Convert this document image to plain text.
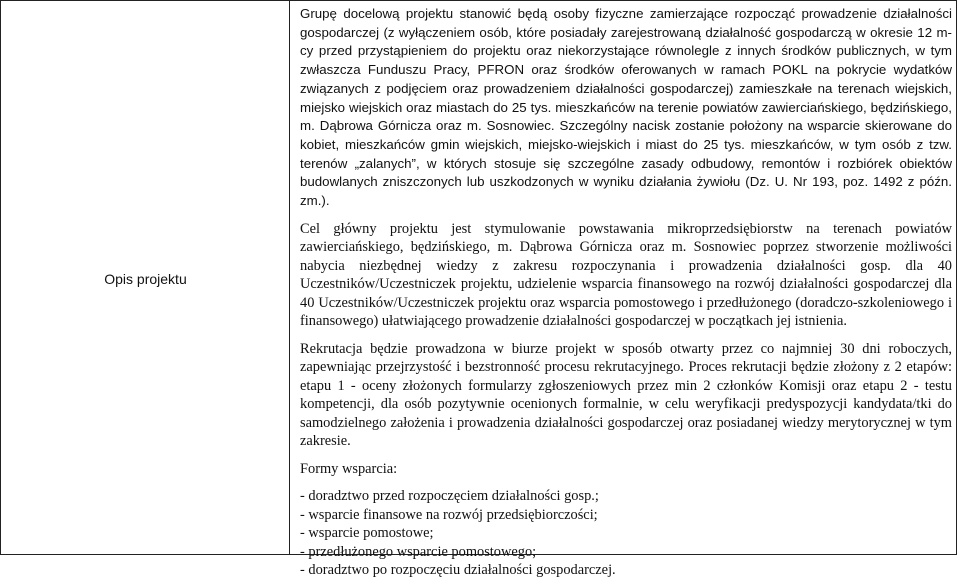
Opis projektu

Grupę docelową projektu stanowić będą osoby fizyczne zamierzające rozpocząć prowadzenie działalności gospodarczej (z wyłączeniem osób, które posiadały zarejestrowaną działalność gospodarczą w okresie 12 m-cy przed przystąpieniem do projektu oraz niekorzystające równolegle z innych środków publicznych, w tym zwłaszcza Funduszu Pracy, PFRON oraz środków oferowanych w ramach POKL na pokrycie wydatków związanych z podjęciem oraz prowadzeniem działalności gospodarczej) zamieszkałe na terenach wiejskich, miejsko wiejskich oraz miastach do 25 tys. mieszkańców na terenie powiatów zawierciańskiego, będzińskiego, m. Dąbrowa Górnicza oraz m. Sosnowiec. Szczególny nacisk zostanie położony na wsparcie skierowane do kobiet, mieszkańców gmin wiejskich, miejsko-wiejskich i miast do 25 tys. mieszkańców, w tym osób z tzw. terenów „zalanych”, w których stosuje się szczególne zasady odbudowy, remontów i rozbiórek obiektów budowlanych zniszczonych lub uszkodzonych w wyniku działania żywiołu (Dz. U. Nr 193, poz. 1492 z późn. zm.).

Cel główny projektu jest stymulowanie powstawania mikroprzedsiębiorstw na terenach powiatów zawierciańskiego, będzińskiego, m. Dąbrowa Górnicza oraz m. Sosnowiec poprzez stworzenie możliwości nabycia niezbędnej wiedzy z zakresu rozpoczynania i prowadzenia działalności gosp. dla 40 Uczestników/Uczestniczek projektu, udzielenie wsparcia finansowego na rozwój działalności gospodarczej dla 40 Uczestników/Uczestniczek projektu oraz wsparcia pomostowego i przedłużonego (doradczo-szkoleniowego i finansowego) ułatwiającego prowadzenie działalności gospodarczej w początkach jej istnienia.

Rekrutacja będzie prowadzona w biurze projekt w sposób otwarty przez co najmniej 30 dni roboczych, zapewniając przejrzystość i bezstronność procesu rekrutacyjnego. Proces rekrutacji będzie złożony z 2 etapów: etapu 1 - oceny złożonych formularzy zgłoszeniowych przez min 2 członków Komisji oraz etapu 2 - testu kompetencji, dla osób pozytywnie ocenionych formalnie, w celu weryfikacji predyspozycji kandydata/tki do samodzielnego założenia i prowadzenia działalności gospodarczej oraz posiadanej wiedzy merytorycznej w tym zakresie.

Formy wsparcia:

- doradztwo przed rozpoczęciem działalności gosp.;

- wsparcie finansowe na rozwój przedsiębiorczości;

- wsparcie pomostowe;

- przedłużonego wsparcie pomostowego;

- doradztwo po rozpoczęciu działalności gospodarczej.
